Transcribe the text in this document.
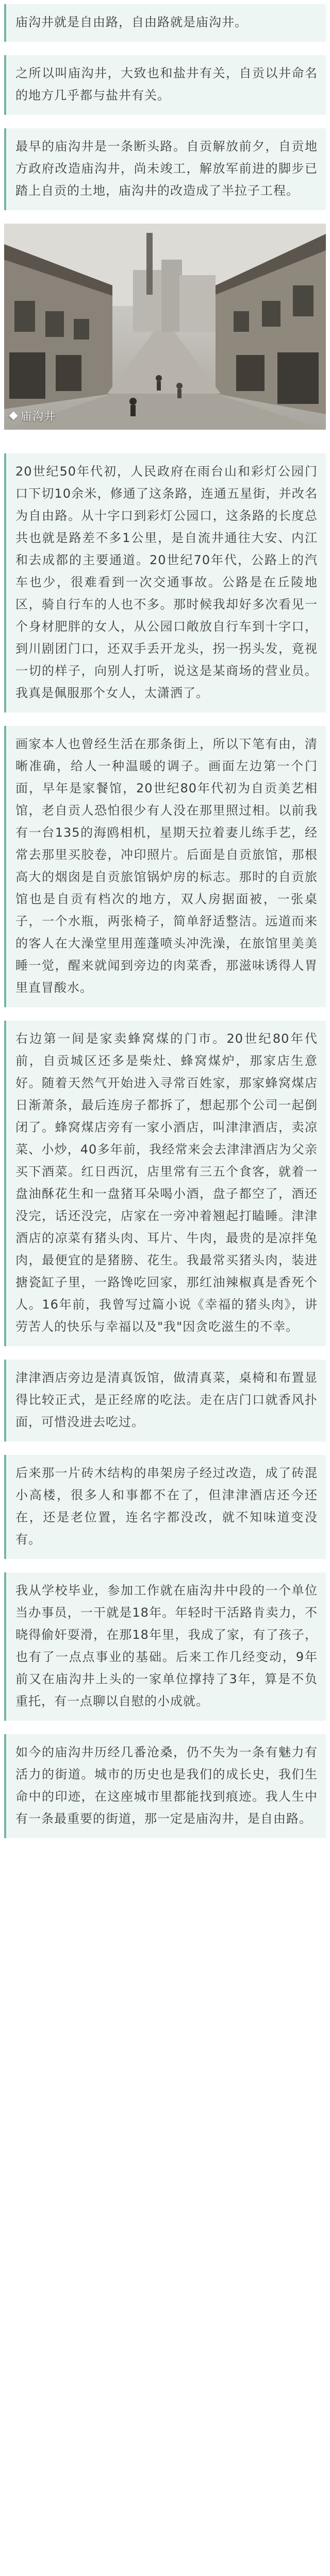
庙沟井就是自由路，自由路就是庙沟井。

之所以叫庙沟井，大致也和盐井有关，自贡以井命名的地方几乎都与盐井有关。

最早的庙沟井是一条断头路。自贡解放前夕，自贡地方政府改造庙沟井，尚未竣工，解放军前进的脚步已踏上自贡的土地，庙沟井的改造成了半拉子工程。

庙沟井

20世纪50年代初，人民政府在雨台山和彩灯公园门口下切10余米，修通了这条路，连通五星街，并改名为自由路。从十字口到彩灯公园口，这条路的长度总共也就是路差不多1公里，是自流井通往大安、内江和去成都的主要通道。20世纪70年代，公路上的汽车也少，很难看到一次交通事故。公路是在丘陵地区，骑自行车的人也不多。那时候我却好多次看见一个身材肥胖的女人，从公园口敞放自行车到十字口，到川剧团门口，还双手丢开龙头，拐一拐头发，竟视一切的样子，向别人打听，说这是某商场的营业员。我真是佩服那个女人，太潇洒了。

画家本人也曾经生活在那条街上，所以下笔有由，清晰准确，给人一种温暖的调子。画面左边第一个门面，早年是家餐馆，20世纪80年代初为自贡美艺相馆，老自贡人恐怕很少有人没在那里照过相。以前我有一台135的海鸥相机，星期天拉着妻儿练手艺，经常去那里买胶卷，冲印照片。后面是自贡旅馆，那根高大的烟囱是自贡旅馆锅炉房的标志。那时的自贡旅馆也是自贡有档次的地方，双人房据面被，一张桌子，一个水瓶，两张椅子，简单舒适整洁。远道而来的客人在大澡堂里用莲蓬喷头冲洗澡，在旅馆里美美睡一觉，醒来就闻到旁边的肉菜香，那滋味诱得人胃里直冒酸水。

右边第一间是家卖蜂窝煤的门市。20世纪80年代前，自贡城区还多是柴灶、蜂窝煤炉，那家店生意好。随着天然气开始进入寻常百姓家，那家蜂窝煤店日渐萧条，最后连房子都拆了，想起那个公司一起倒闭了。蜂窝煤店旁有一家小酒店，叫津津酒店，卖凉菜、小炒，40多年前，我经常来会去津津酒店为父亲买下酒菜。红日西沉，店里常有三五个食客，就着一盘油酥花生和一盘猪耳朵喝小酒，盘子都空了，酒还没完，话还没完，店家在一旁冲着翘起打瞌睡。津津酒店的凉菜有猪头肉、耳片、牛肉，最贵的是凉拌兔肉，最便宜的是猪膀、花生。我最常买猪头肉，装进搪瓷缸子里，一路馋吃回家，那红油辣椒真是香死个人。16年前，我曾写过篇小说《幸福的猪头肉》，讲劳苦人的快乐与幸福以及"我"因贪吃滋生的不幸。

津津酒店旁边是清真饭馆，做清真菜，桌椅和布置显得比较正式，是正经席的吃法。走在店门口就香风扑面，可惜没进去吃过。

后来那一片砖木结构的串架房子经过改造，成了砖混小高楼，很多人和事都不在了，但津津酒店还今还在，还是老位置，连名字都没改，就不知味道变没有。

我从学校毕业，参加工作就在庙沟井中段的一个单位当办事员，一干就是18年。年轻时干活路肯卖力，不晓得偷奸耍滑，在那18年里，我成了家，有了孩子，也有了一点点事业的基础。后来工作几经变动，9年前又在庙沟井上头的一家单位撑持了3年，算是不负重托，有一点聊以自慰的小成就。

如今的庙沟井历经几番沧桑，仍不失为一条有魅力有活力的街道。城市的历史也是我们的成长史，我们生命中的印迹，在这座城市里都能找到痕迹。我人生中有一条最重要的街道，那一定是庙沟井，是自由路。
